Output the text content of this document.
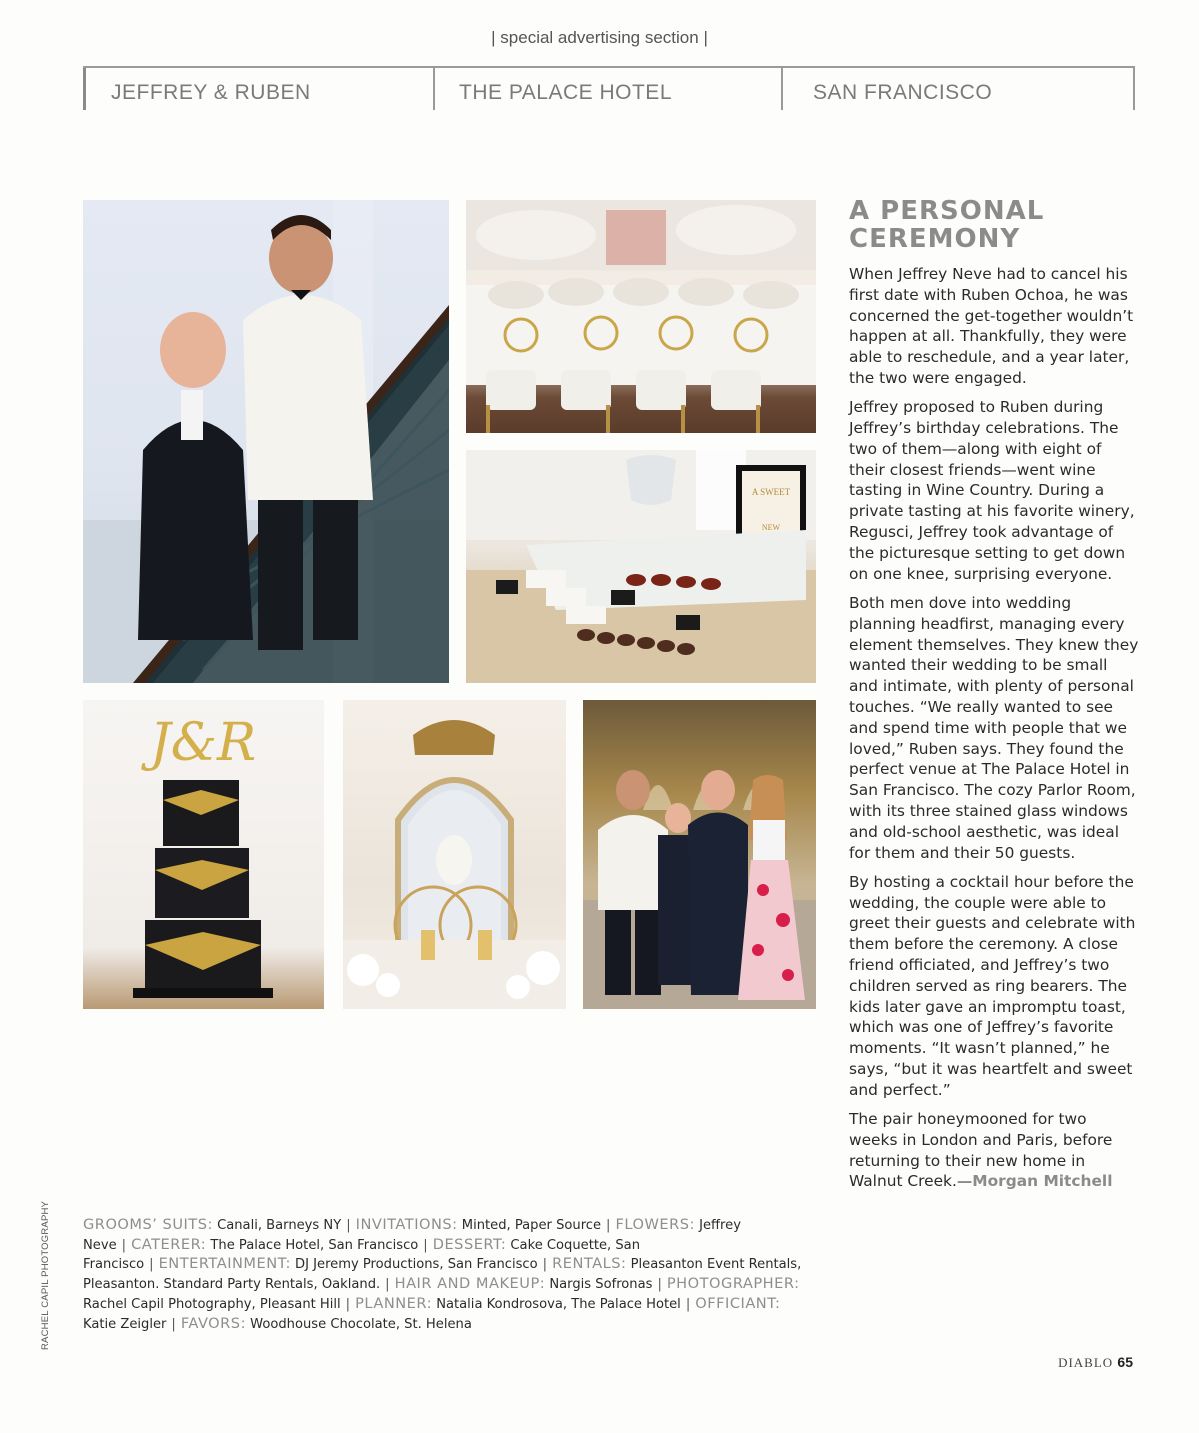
| special advertising section |
JEFFREY & RUBEN	THE PALACE HOTEL	SAN FRANCISCO
A SWEET
NEW
J&R
A PERSONAL
CEREMONY

When Jeffrey Neve had to cancel his first date with Ruben Ochoa, he was concerned the get-together wouldn’t happen at all. Thankfully, they were able to reschedule, and a year later, the two were engaged.

Jeffrey proposed to Ruben during Jeffrey’s birthday celebrations. The two of them—along with eight of their closest friends—went wine tasting in Wine Country. During a private tasting at his favorite winery, Regusci, Jeffrey took advantage of the picturesque setting to get down on one knee, surprising everyone.

Both men dove into wedding planning headfirst, managing every element themselves. They knew they wanted their wedding to be small and intimate, with plenty of personal touches. “We really wanted to see and spend time with people that we loved,” Ruben says. They found the perfect venue at The Palace Hotel in San Francisco. The cozy Parlor Room, with its three stained glass windows and old-school aesthetic, was ideal for them and their 50 guests.

By hosting a cocktail hour before the wedding, the couple were able to greet their guests and celebrate with them before the ceremony. A close friend officiated, and Jeffrey’s two children served as ring bearers. The kids later gave an impromptu toast, which was one of Jeffrey’s favorite moments. “It wasn’t planned,” he says, “but it was heartfelt and sweet and perfect.”

The pair honeymooned for two weeks in London and Paris, before returning to their new home in Walnut Creek.—Morgan Mitchell

GROOMS’ SUITS: Canali, Barneys NY | INVITATIONS: Minted, Paper Source | FLOWERS: Jeffrey Neve | CATERER: The Palace Hotel, San Francisco | DESSERT: Cake Coquette, San Francisco | ENTERTAINMENT: DJ Jeremy Productions, San Francisco | RENTALS: Pleasanton Event Rentals, Pleasanton. Standard Party Rentals, Oakland. | HAIR AND MAKEUP: Nargis Sofronas | PHOTOGRAPHER: Rachel Capil Photography, Pleasant Hill | PLANNER: Natalia Kondrosova, The Palace Hotel | OFFICIANT: Katie Zeigler | FAVORS: Woodhouse Chocolate, St. Helena
RACHEL CAPIL PHOTOGRAPHY
DIABLO 65
